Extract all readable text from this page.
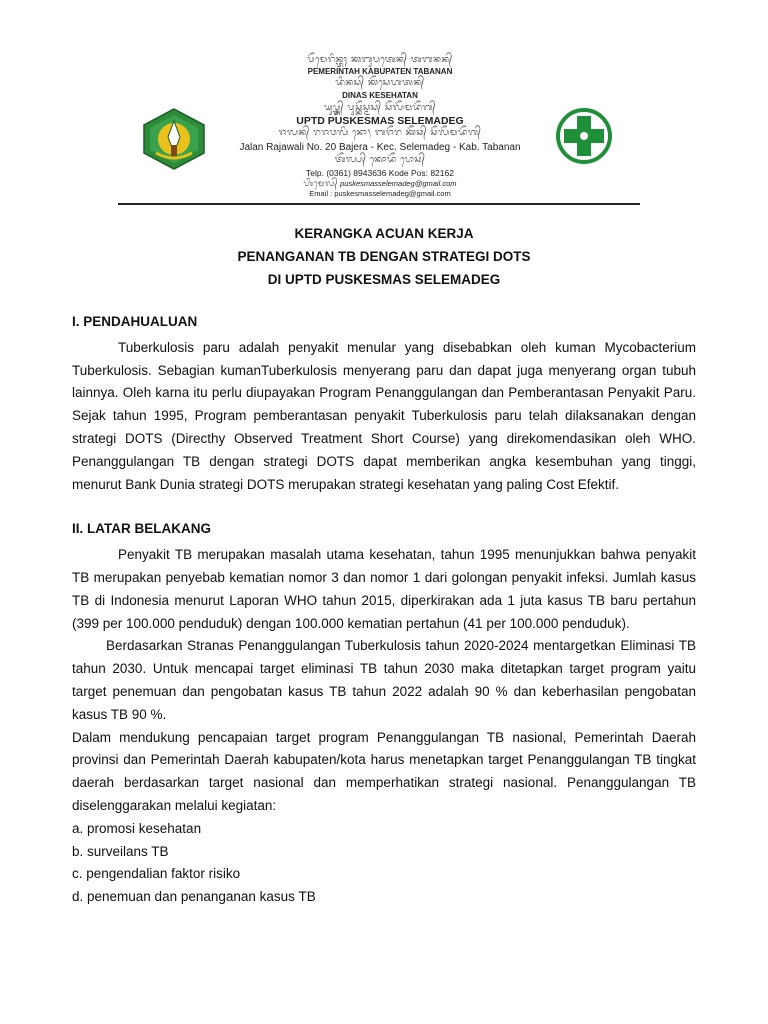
ᬧᭂᬫᬾᬭᬶᬦ᭄ᬢᬄ ᬓᬩᬸᬧᬢᬾᬦ᭄ ᬢᬩᬦᬦ᭄
PEMERINTAH KABUPATEN TABANAN
ᬤᬶᬦᬲ᭄ ᬓᭂᬲᬾᬳᬢᬦ᭄
DINAS KESEHATAN
ᬬᬸᬧ᭄ᬢ᭄ᬤ᭄ ᬧᬸᬲ᭄ᬓᭂᬲ᭄ᬫᬲ᭄ ᬲᭂᬮᭂᬫᬤᭂᬕ᭄
UPTD PUSKESMAS SELEMADEG
ᬚᬮᬦ᭄ ᬭᬚᬯᬮᬶ ᬦᭀ᭞ ᬩᬚᭂᬭ ᬓᭂᬘ᭄ ᬲᭂᬮᭂᬫᬤᭂᬕ᭄
Jalan Rajawali No. 20 Bajera - Kec. Selemadeg - Kab. Tabanan
ᬢᭂᬮ᭄ᬧ᭄ ᬓᭀᬤᭂ ᬧᭀᬲ᭄
Telp. (0361) 8943636 Kode Pos: 82162
ᬳᬶᬫᬾᬮ᭄ puskesmasselemadeg@gmail.com
Email : puskesmasselemadeg@gmail.com
KERANGKA ACUAN KERJA
PENANGANAN TB DENGAN STRATEGI DOTS
DI UPTD PUSKESMAS SELEMADEG
I. PENDAHUALUAN

Tuberkulosis paru adalah penyakit menular yang disebabkan oleh kuman Mycobacterium Tuberkulosis. Sebagian kumanTuberkulosis menyerang paru dan dapat juga menyerang organ tubuh lainnya. Oleh karna itu perlu diupayakan Program Penanggulangan dan Pemberantasan Penyakit Paru. Sejak tahun 1995, Program pemberantasan penyakit Tuberkulosis paru telah dilaksanakan dengan strategi DOTS (Directhy Observed Treatment Short Course) yang direkomendasikan oleh WHO. Penanggulangan TB dengan strategi DOTS dapat memberikan angka kesembuhan yang tinggi, menurut Bank Dunia strategi DOTS merupakan strategi kesehatan yang paling Cost Efektif.

II. LATAR BELAKANG

Penyakit TB merupakan masalah utama kesehatan, tahun 1995 menunjukkan bahwa penyakit TB merupakan penyebab kematian nomor 3 dan nomor 1 dari golongan penyakit infeksi. Jumlah kasus TB di Indonesia menurut Laporan WHO tahun 2015, diperkirakan ada 1 juta kasus TB baru pertahun (399 per 100.000 penduduk) dengan 100.000 kematian pertahun (41 per 100.000 penduduk).

Berdasarkan Stranas Penanggulangan Tuberkulosis tahun 2020-2024 mentargetkan Eliminasi TB tahun 2030. Untuk mencapai target eliminasi TB tahun 2030 maka ditetapkan target program yaitu target penemuan dan pengobatan kasus TB tahun 2022 adalah 90 % dan keberhasilan pengobatan kasus TB 90 %.

Dalam mendukung pencapaian target program Penanggulangan TB nasional, Pemerintah Daerah provinsi dan Pemerintah Daerah kabupaten/kota harus menetapkan target Penanggulangan TB tingkat daerah berdasarkan target nasional dan memperhatikan strategi nasional. Penanggulangan TB diselenggarakan melalui kegiatan:

a. promosi kesehatan

b. surveilans TB

c. pengendalian faktor risiko

d. penemuan dan penanganan kasus TB
